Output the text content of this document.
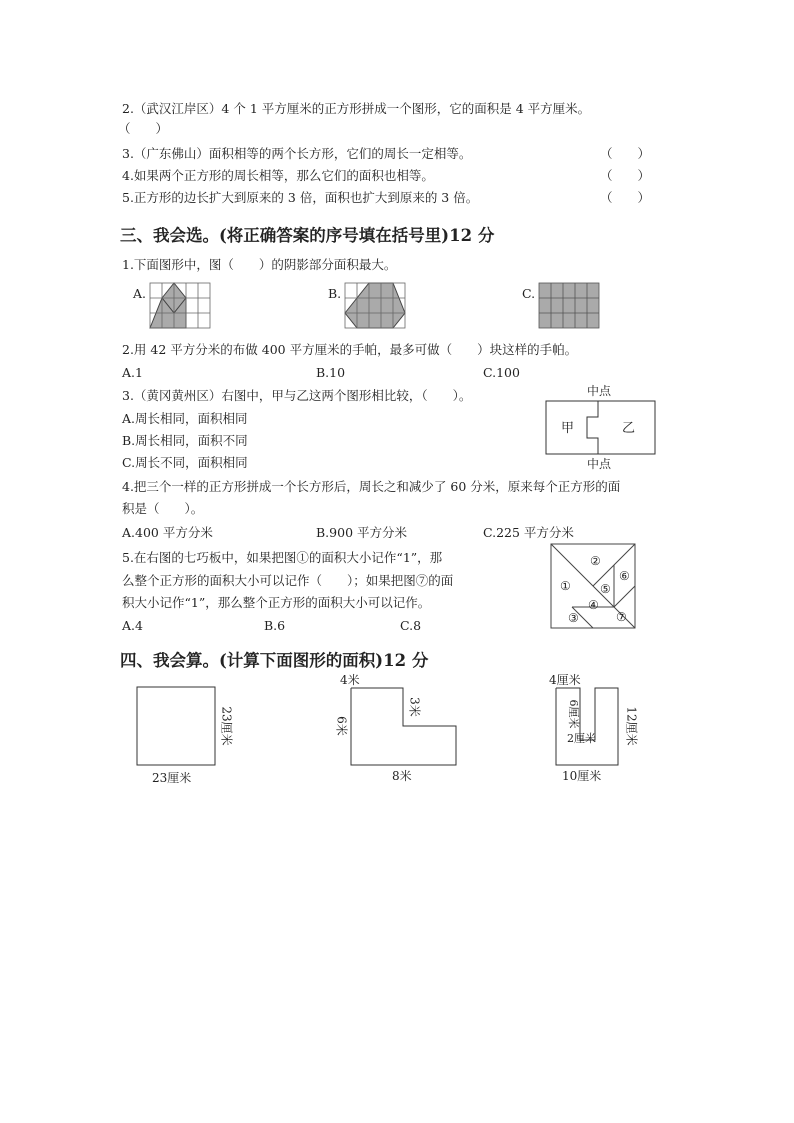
2.（武汉江岸区）4 个 1 平方厘米的正方形拼成一个图形，它的面积是 4 平方厘米。
（　　）
3.（广东佛山）面积相等的两个长方形，它们的周长一定相等。	（　　）
4.如果两个正方形的周长相等，那么它们的面积也相等。	（　　）
5.正方形的边长扩大到原来的 3 倍，面积也扩大到原来的 3 倍。	（　　）
三、我会选。(将正确答案的序号填在括号里)12 分
1.下面图形中，图（　　）的阴影部分面积最大。
A.	B.	C.
2.用 42 平方分米的布做 400 平方厘米的手帕，最多可做（　　）块这样的手帕。
A.1	B.10	C.100
3.（黄冈黄州区）右图中，甲与乙这两个图形相比较，（　　）。
A.周长相同，面积相同
B.周长相同，面积不同
C.周长不同，面积相同
中点
甲	乙
中点
4.把三个一样的正方形拼成一个长方形后，周长之和减少了 60 分米，原来每个正方形的面
积是（　　）。
A.400 平方分米	B.900 平方分米	C.225 平方分米
5.在右图的七巧板中，如果把图①的面积大小记作“1”，那
么整个正方形的面积大小可以记作（　　）；如果把图⑦的面
积大小记作“1”，那么整个正方形的面积大小可以记作。
A.4	B.6	C.8
①
②
③
④
⑤
⑥
⑦
四、我会算。(计算下面图形的面积)12 分
23厘米
23厘米
4米
3米
6米
8米
4厘米
6厘米
2厘米 12厘米
10厘米
